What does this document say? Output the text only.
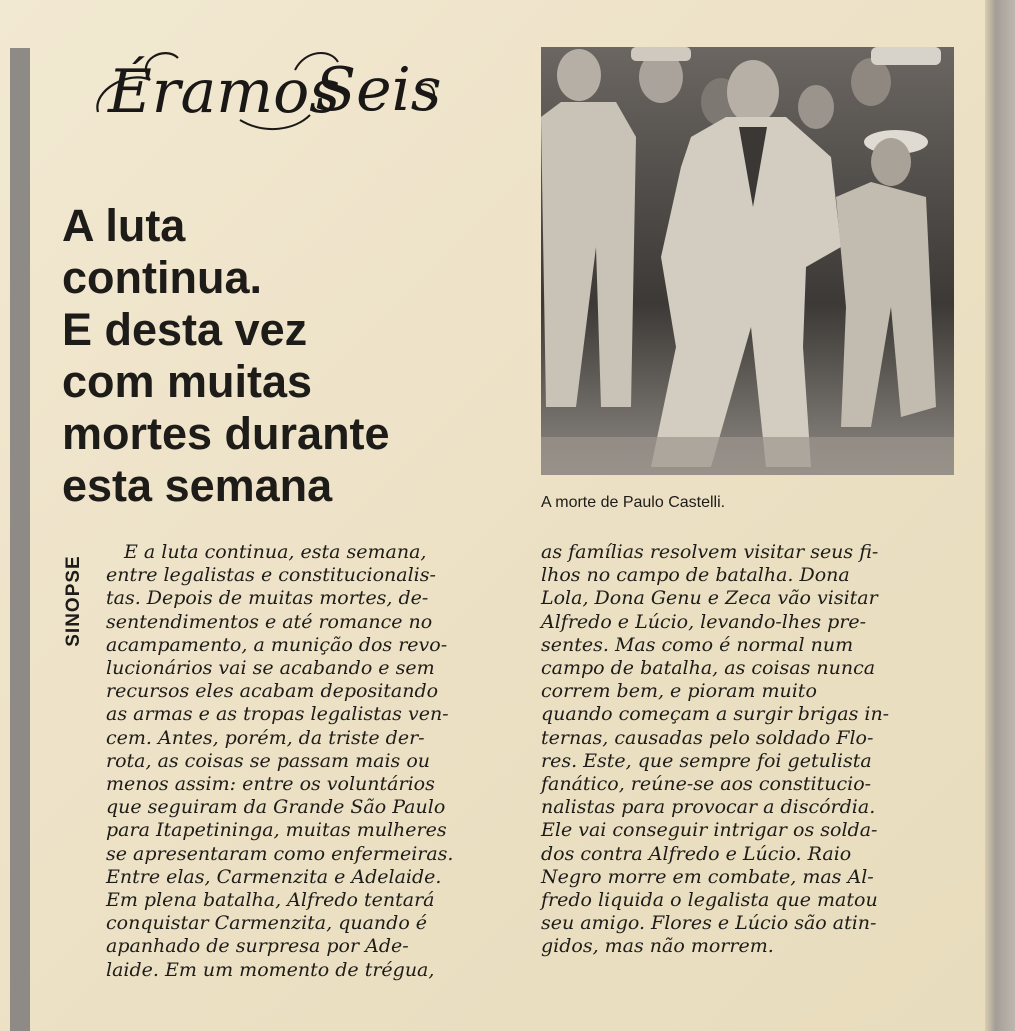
Éramos
Seis
A luta
continua.
E desta vez
com muitas
mortes durante
esta semana	A morte de Paulo Castelli.
SINOPSE
E a luta continua, esta semana,
entre legalistas e constitucionalis-
tas. Depois de muitas mortes, de-
sentendimentos e até romance no
acampamento, a munição dos revo-
lucionários vai se acabando e sem
recursos eles acabam depositando
as armas e as tropas legalistas ven-
cem. Antes, porém, da triste der-
rota, as coisas se passam mais ou
menos assim: entre os voluntários
que seguiram da Grande São Paulo
para Itapetininga, muitas mulheres
se apresentaram como enfermeiras.
Entre elas, Carmenzita e Adelaide.
Em plena batalha, Alfredo tentará
conquistar Carmenzita, quando é
apanhado de surpresa por Ade-
laide. Em um momento de trégua,
as famílias resolvem visitar seus fi-
lhos no campo de batalha. Dona
Lola, Dona Genu e Zeca vão visitar
Alfredo e Lúcio, levando-lhes pre-
sentes. Mas como é normal num
campo de batalha, as coisas nunca
correm bem, e pioram muito
quando começam a surgir brigas in-
ternas, causadas pelo soldado Flo-
res. Este, que sempre foi getulista
fanático, reúne-se aos constitucio-
nalistas para provocar a discórdia.
Ele vai conseguir intrigar os solda-
dos contra Alfredo e Lúcio. Raio
Negro morre em combate, mas Al-
fredo liquida o legalista que matou
seu amigo. Flores e Lúcio são atin-
gidos, mas não morrem.
